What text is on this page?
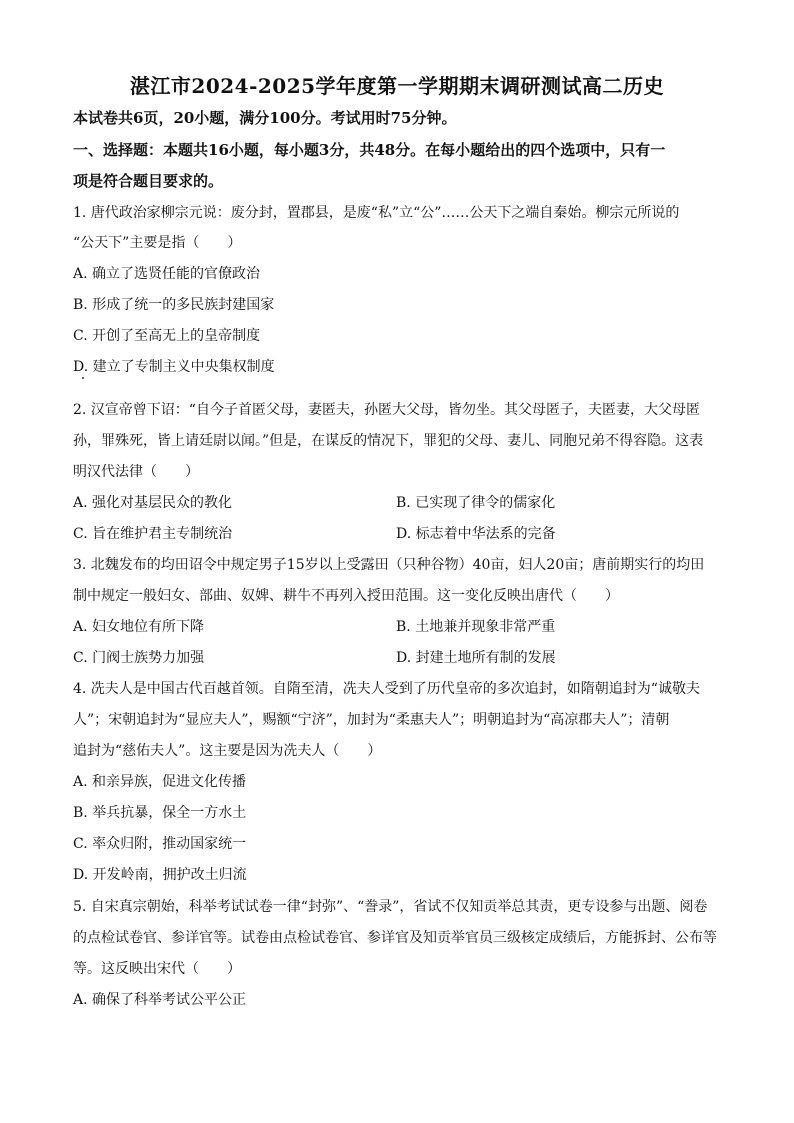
湛江市2024-2025学年度第一学期期末调研测试高二历史
本试卷共6页，20小题，满分100分。考试用时75分钟。
一、选择题：本题共16小题，每小题3分，共48分。在每小题给出的四个选项中，只有一
项是符合题目要求的。
1. 唐代政治家柳宗元说：废分封，置郡县，是废“私”立“公”……公天下之端自秦始。柳宗元所说的
“公天下”主要是指（　　）
A. 确立了选贤任能的官僚政治
B. 形成了统一的多民族封建国家
C. 开创了至高无上的皇帝制度
D. 建立了专制主义中央集权制度
2. 汉宣帝曾下诏：“自今子首匿父母，妻匿夫，孙匿大父母，皆勿坐。其父母匿子，夫匿妻，大父母匿
孙，罪殊死，皆上请廷尉以闻。”但是，在谋反的情况下，罪犯的父母、妻儿、同胞兄弟不得容隐。这表
明汉代法律（　　）
A. 强化对基层民众的教化	B. 已实现了律令的儒家化
C. 旨在维护君主专制统治	D. 标志着中华法系的完备
3. 北魏发布的均田诏令中规定男子15岁以上受露田（只种谷物）40亩，妇人20亩；唐前期实行的均田
制中规定一般妇女、部曲、奴婢、耕牛不再列入授田范围。这一变化反映出唐代（　　）
A. 妇女地位有所下降	B. 土地兼并现象非常严重
C. 门阀士族势力加强	D. 封建土地所有制的发展
4. 冼夫人是中国古代百越首领。自隋至清，冼夫人受到了历代皇帝的多次追封，如隋朝追封为“诚敬夫
人”；宋朝追封为“显应夫人”，赐额“宁济”，加封为“柔惠夫人”；明朝追封为“高凉郡夫人”；清朝
追封为“慈佑夫人”。这主要是因为冼夫人（　　）
A. 和亲异族，促进文化传播
B. 举兵抗暴，保全一方水土
C. 率众归附，推动国家统一
D. 开发岭南，拥护改土归流
5. 自宋真宗朝始，科举考试试卷一律“封弥”、“誊录”，省试不仅知贡举总其责，更专设参与出题、阅卷
的点检试卷官、参详官等。试卷由点检试卷官、参详官及知贡举官员三级核定成绩后，方能拆封、公布等
等。这反映出宋代（　　）
A. 确保了科举考试公平公正
